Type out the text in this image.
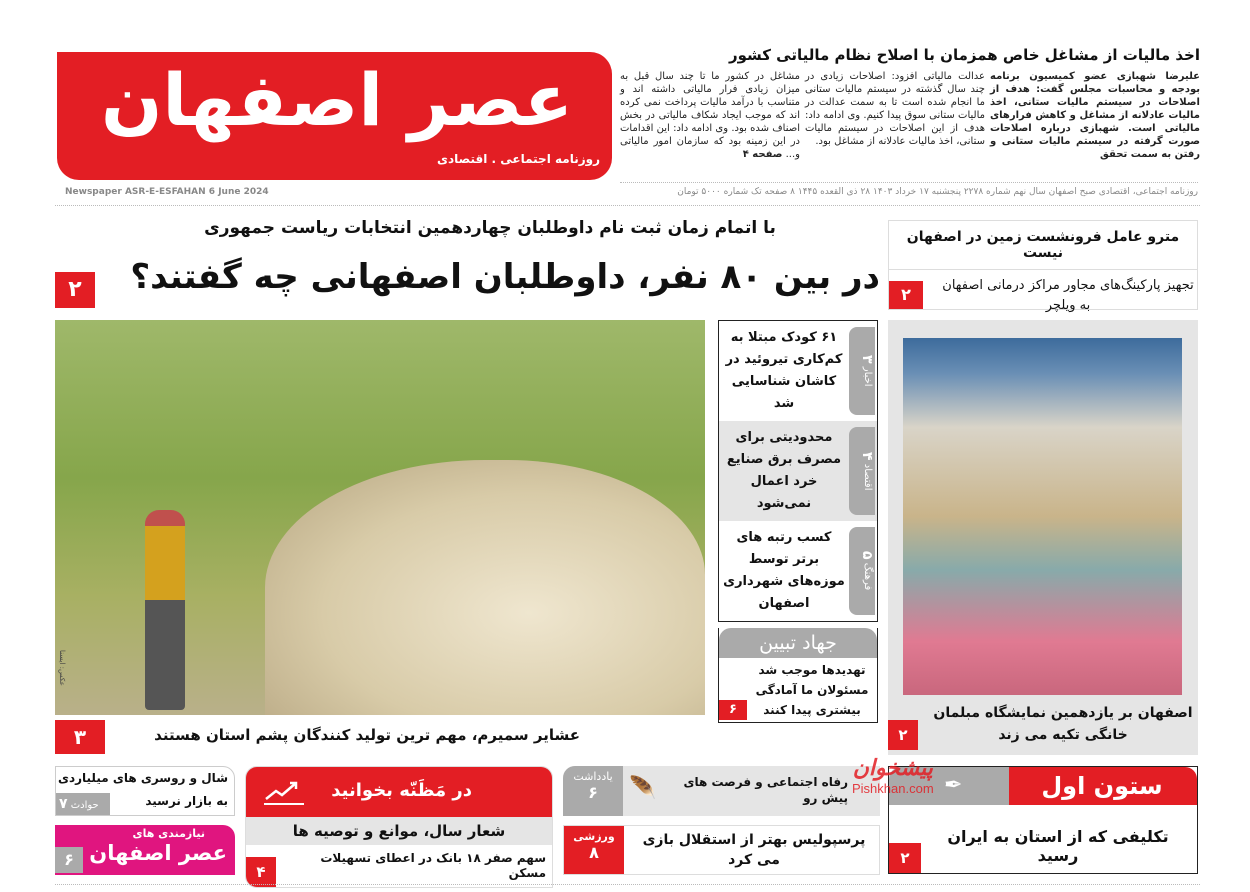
عصر اصفهان
روزنامه اجتماعی . اقتصادی
اخذ مالیات از مشاغل خاص همزمان با اصلاح نظام مالیاتی کشور
علیرضا شهبازی عضو کمیسیون برنامه بودجه و محاسبات مجلس گفت: هدف از اصلاحات در سیستم مالیات ستانی، اخذ مالیات عادلانه از مشاغل و کاهش فرارهای مالیاتی است. شهبازی درباره اصلاحات صورت گرفته در سیستم مالیات ستانی و رفتن به سمت تحقق
عدالت مالیاتی افزود: اصلاحات زیادی در چند سال گذشته در سیستم مالیات ستانی ما انجام شده است تا به سمت عدالت در مالیات ستانی سوق پیدا کنیم. وی ادامه داد: هدف از این اصلاحات در سیستم مالیات ستانی، اخذ مالیات عادلانه از مشاغل بود.
مشاغل در کشور ما تا چند سال قبل به میزان زیادی فرار مالیاتی داشته اند و متناسب با درآمد مالیات پرداخت نمی کرده اند که موجب ایجاد شکاف مالیاتی در بخش اصناف شده بود. وی ادامه داد: این اقدامات در این زمینه بود که سازمان امور مالیاتی و... صفحه ۴
روزنامه اجتماعی، اقتصادی صبح اصفهان سال نهم شماره ۲۲۷۸ پنجشنبه ۱۷ خرداد ۱۴۰۳ ۲۸ ذی القعده ۱۴۴۵ ۸ صفحه تک شماره ۵۰۰۰ تومان
Newspaper ASR-E-ESFAHAN 6 June 2024
با اتمام زمان ثبت نام داوطلبان چهاردهمین انتخابات ریاست جمهوری
۲	در بین ۸۰ نفر، داوطلبان اصفهانی چه گفتند؟
مترو عامل فرونشست زمین در اصفهان نیست
تجهیز پارکینگ‌های مجاور مراکز درمانی اصفهان به ویلچر
۲
عکس: ایسنا
عشایر سمیرم، مهم ترین تولید کنندگان پشم استان هستند
۳
اخبار ۳
۶۱ کودک مبتلا به کم‌کاری تیروئید در کاشان شناسایی شد
اقتصاد ۴
محدودیتی برای مصرف برق صنایع خرد اعمال نمی‌شود
فرهنگ ۵
کسب رتبه های برتر توسط موزه‌های شهرداری اصفهان
جهاد تبیین
۶
تهدیدها موجب شد مسئولان ما آمادگی بیشتری پیدا کنند	اصفهان بر یازدهمین نمایشگاه مبلمان خانگی تکیه می زند
۲
ستون اول
✒
تکلیفی که از استان به ایران رسید
۲
یادداشت
۶	🪶	رفاه اجتماعی و فرصت های پیش رو
ورزشی
۸
پرسپولیس بهتر از استقلال بازی می کرد
در مَظَنّه بخوانید
شعار سال، موانع و توصیه ها
۴
سهم صفر ۱۸ بانک در اعطای تسهیلات مسکن
شال و روسری های میلیاردی
به بازار نرسید
۷ حوادث
نیازمندی های
عصر اصفهان
۶
پیشخوان
Pishkhan.com
